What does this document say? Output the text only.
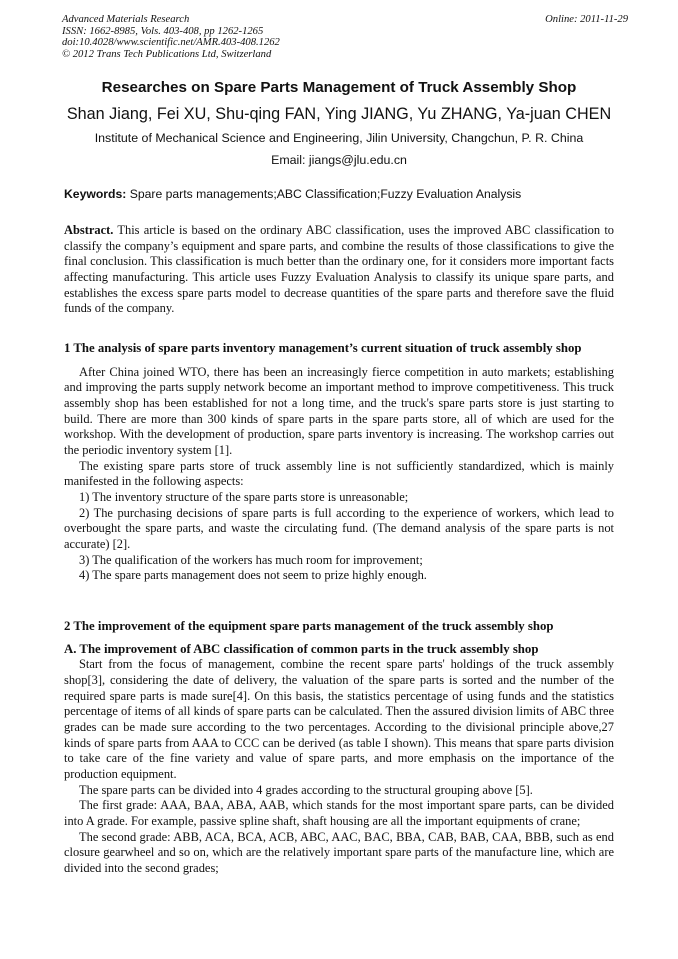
Advanced Materials Research
ISSN: 1662-8985, Vols. 403-408, pp 1262-1265
doi:10.4028/www.scientific.net/AMR.403-408.1262
© 2012 Trans Tech Publications Ltd, Switzerland
Online: 2011-11-29
Researches on Spare Parts Management of Truck Assembly Shop
Shan Jiang, Fei XU, Shu-qing FAN, Ying JIANG, Yu ZHANG, Ya-juan CHEN
Institute of Mechanical Science and Engineering, Jilin University, Changchun, P. R. China
Email: jiangs@jlu.edu.cn
Keywords: Spare parts managements;ABC Classification;Fuzzy Evaluation Analysis

Abstract. This article is based on the ordinary ABC classification, uses the improved ABC classification to classify the company’s equipment and spare parts, and combine the results of those classifications to give the final conclusion. This classification is much better than the ordinary one, for it considers more important facts affecting manufacturing. This article uses Fuzzy Evaluation Analysis to classify its unique spare parts, and establishes the excess spare parts model to decrease quantities of the spare parts and therefore save the fluid funds of the company.

1 The analysis of spare parts inventory management’s current situation of truck assembly shop

After China joined WTO, there has been an increasingly fierce competition in auto markets; establishing and improving the parts supply network become an important method to improve competitiveness. This truck assembly shop has been established for not a long time, and the truck's spare parts store is just starting to build. There are more than 300 kinds of spare parts in the spare parts store, all of which are used for the workshop. With the development of production, spare parts inventory is increasing. The workshop carries out the periodic inventory system [1].

The existing spare parts store of truck assembly line is not sufficiently standardized, which is mainly manifested in the following aspects:

1) The inventory structure of the spare parts store is unreasonable;

2) The purchasing decisions of spare parts is full according to the experience of workers, which lead to overbought the spare parts, and waste the circulating fund. (The demand analysis of the spare parts is not accurate) [2].

3) The qualification of the workers has much room for improvement;

4) The spare parts management does not seem to prize highly enough.

2 The improvement of the equipment spare parts management of the truck assembly shop

A. The improvement of ABC classification of common parts in the truck assembly shop

Start from the focus of management, combine the recent spare parts' holdings of the truck assembly shop[3], considering the date of delivery, the valuation of the spare parts is sorted and the number of the required spare parts is made sure[4]. On this basis, the statistics percentage of using funds and the statistics percentage of items of all kinds of spare parts can be calculated. Then the assured division limits of ABC three grades can be made sure according to the two percentages. According to the divisional principle above,27 kinds of spare parts from AAA to CCC can be derived (as table I shown). This means that spare parts division to take care of the fine variety and value of spare parts, and more emphasis on the importance of the production equipment.

The spare parts can be divided into 4 grades according to the structural grouping above [5].

The first grade: AAA, BAA, ABA, AAB, which stands for the most important spare parts, can be divided into A grade. For example, passive spline shaft, shaft housing are all the important equipments of crane;

The second grade: ABB, ACA, BCA, ACB, ABC, AAC, BAC, BBA, CAB, BAB, CAA, BBB, such as end closure gearwheel and so on, which are the relatively important spare parts of the manufacture line, which are divided into the second grades;
